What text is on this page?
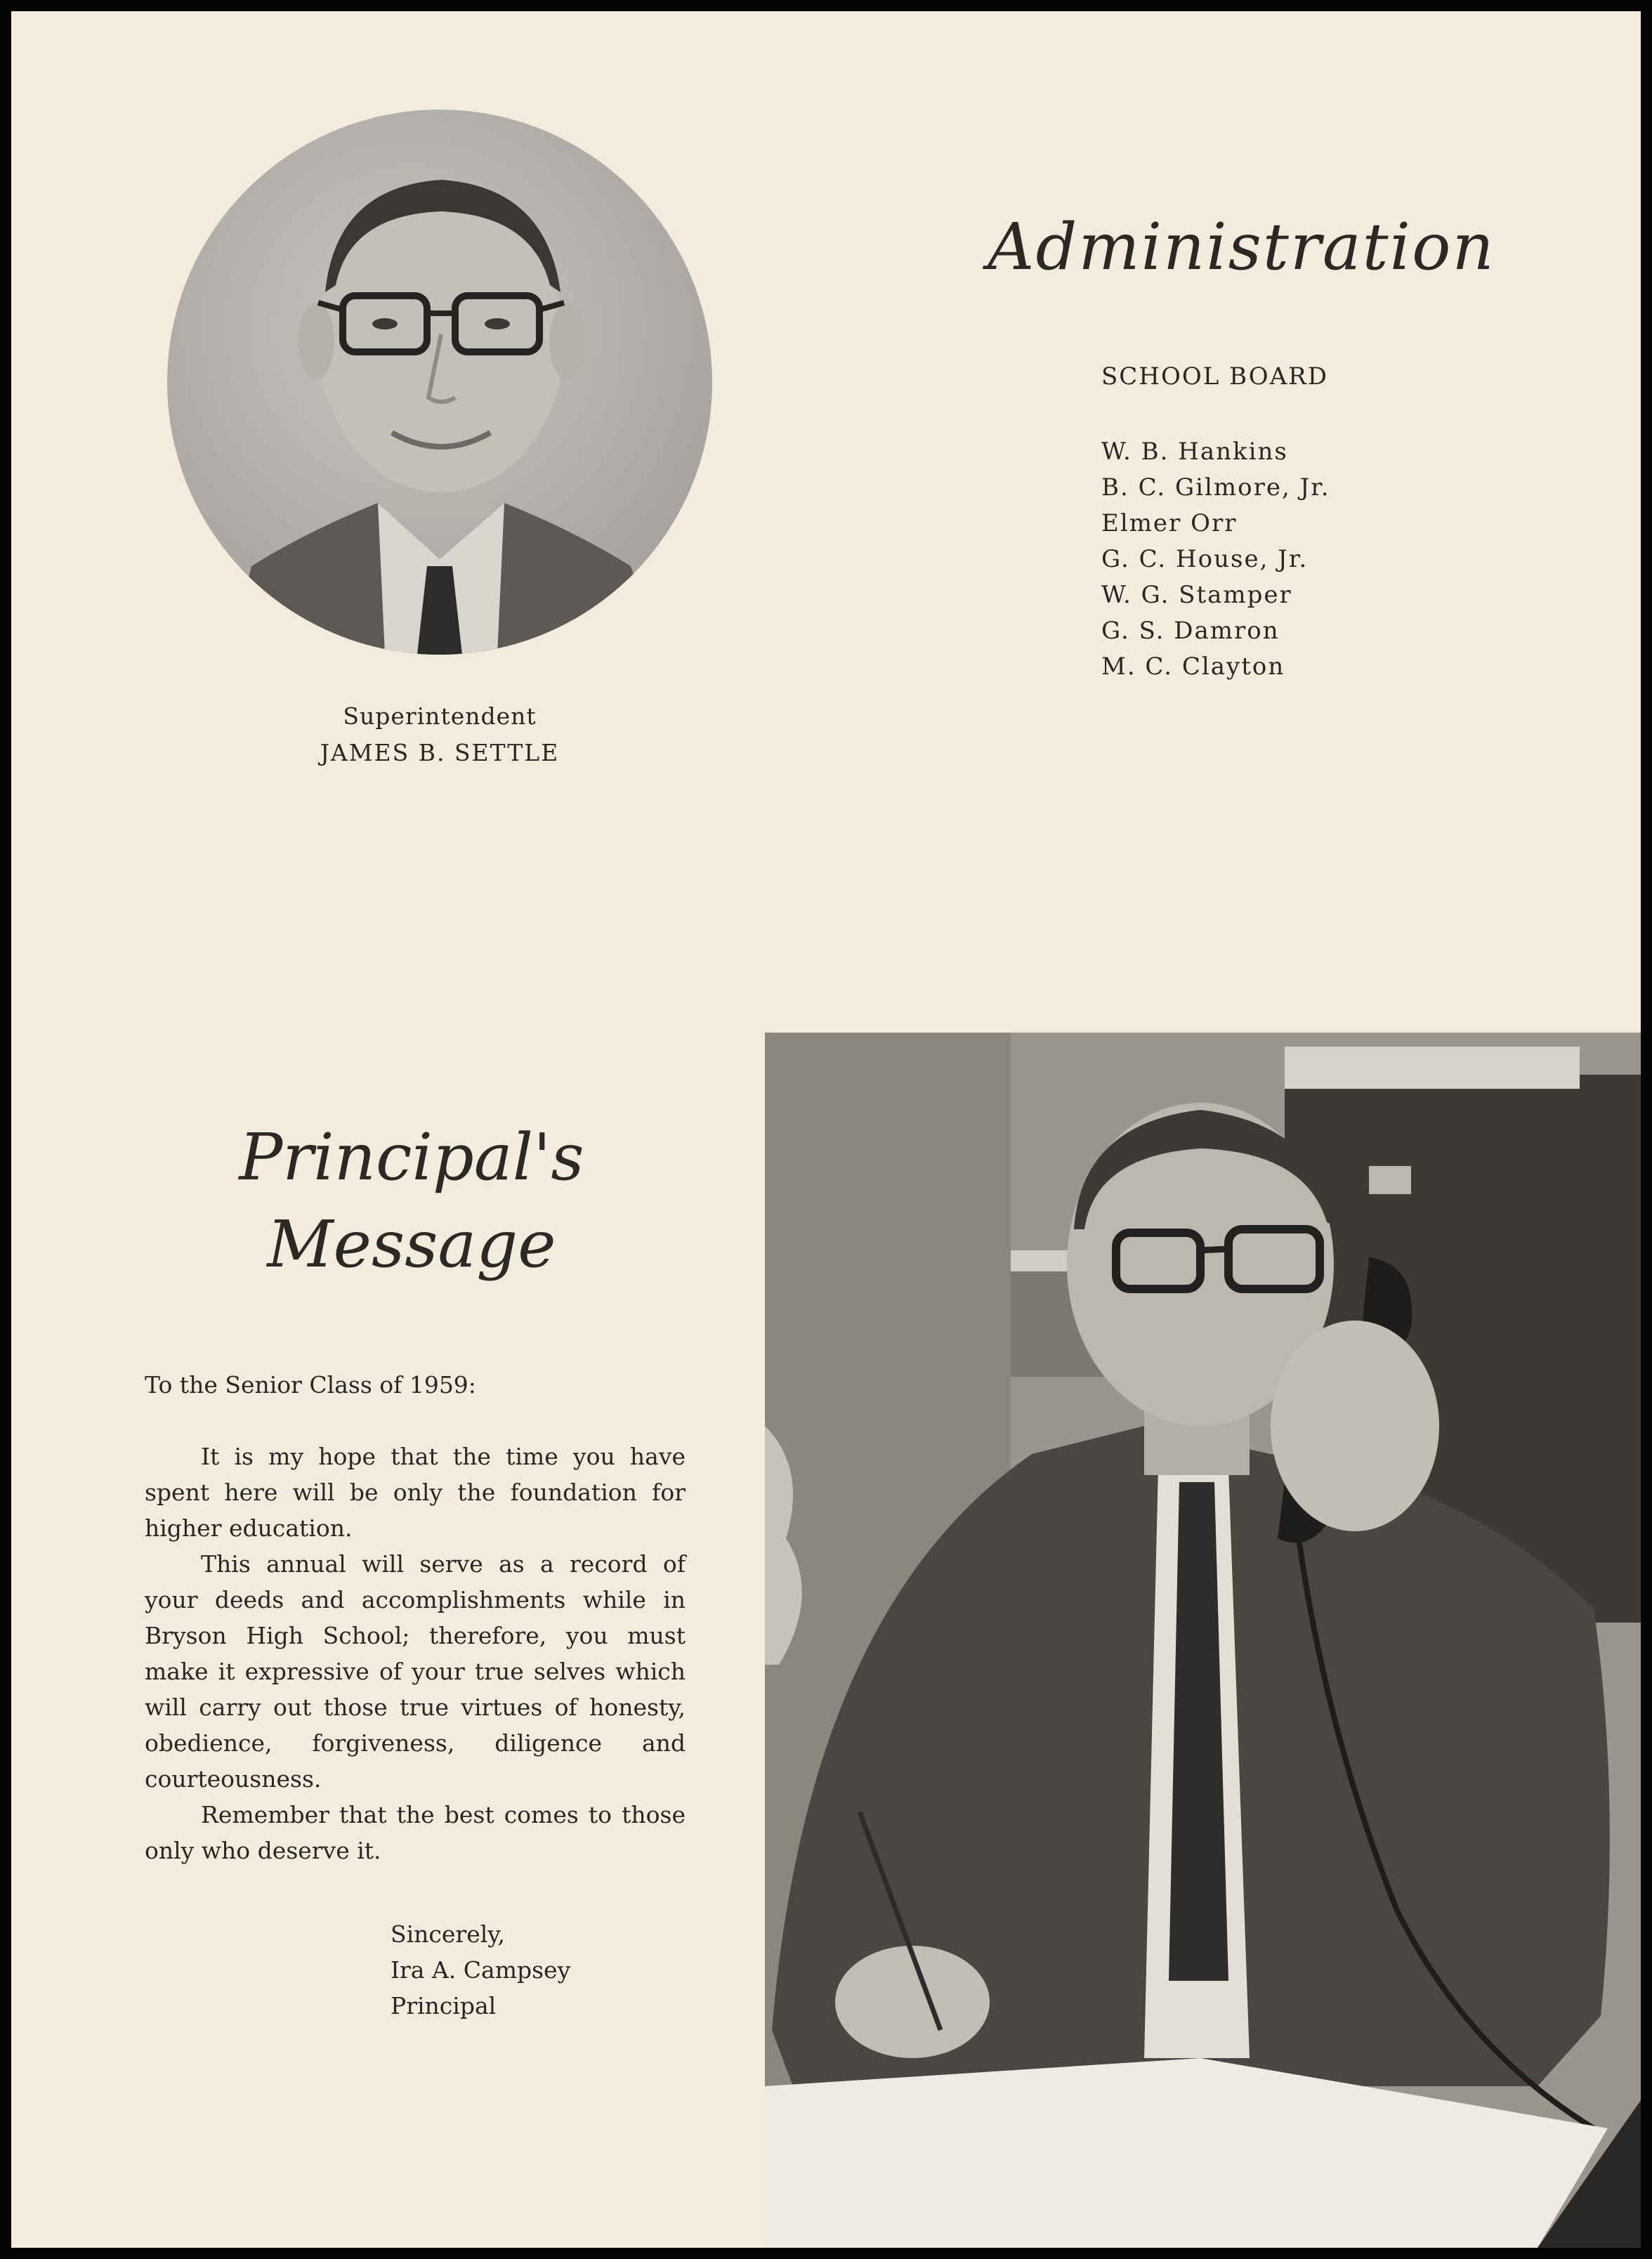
Superintendent
JAMES B. SETTLE
Administration
SCHOOL BOARD
W. B. Hankins
B. C. Gilmore, Jr.
Elmer Orr
G. C. House, Jr.
W. G. Stamper
G. S. Damron
M. C. Clayton
Principal's
Message

To the Senior Class of 1959:

It is my hope that the time you have spent here will be only the foundation for higher education.

This annual will serve as a record of your deeds and accomplishments while in Bryson High School; therefore, you must make it expressive of your true selves which will carry out those true virtues of honesty, obedience, forgiveness, diligence and courteousness.

Remember that the best comes to those only who deserve it.

Sincerely,
Ira A. Campsey
Principal
